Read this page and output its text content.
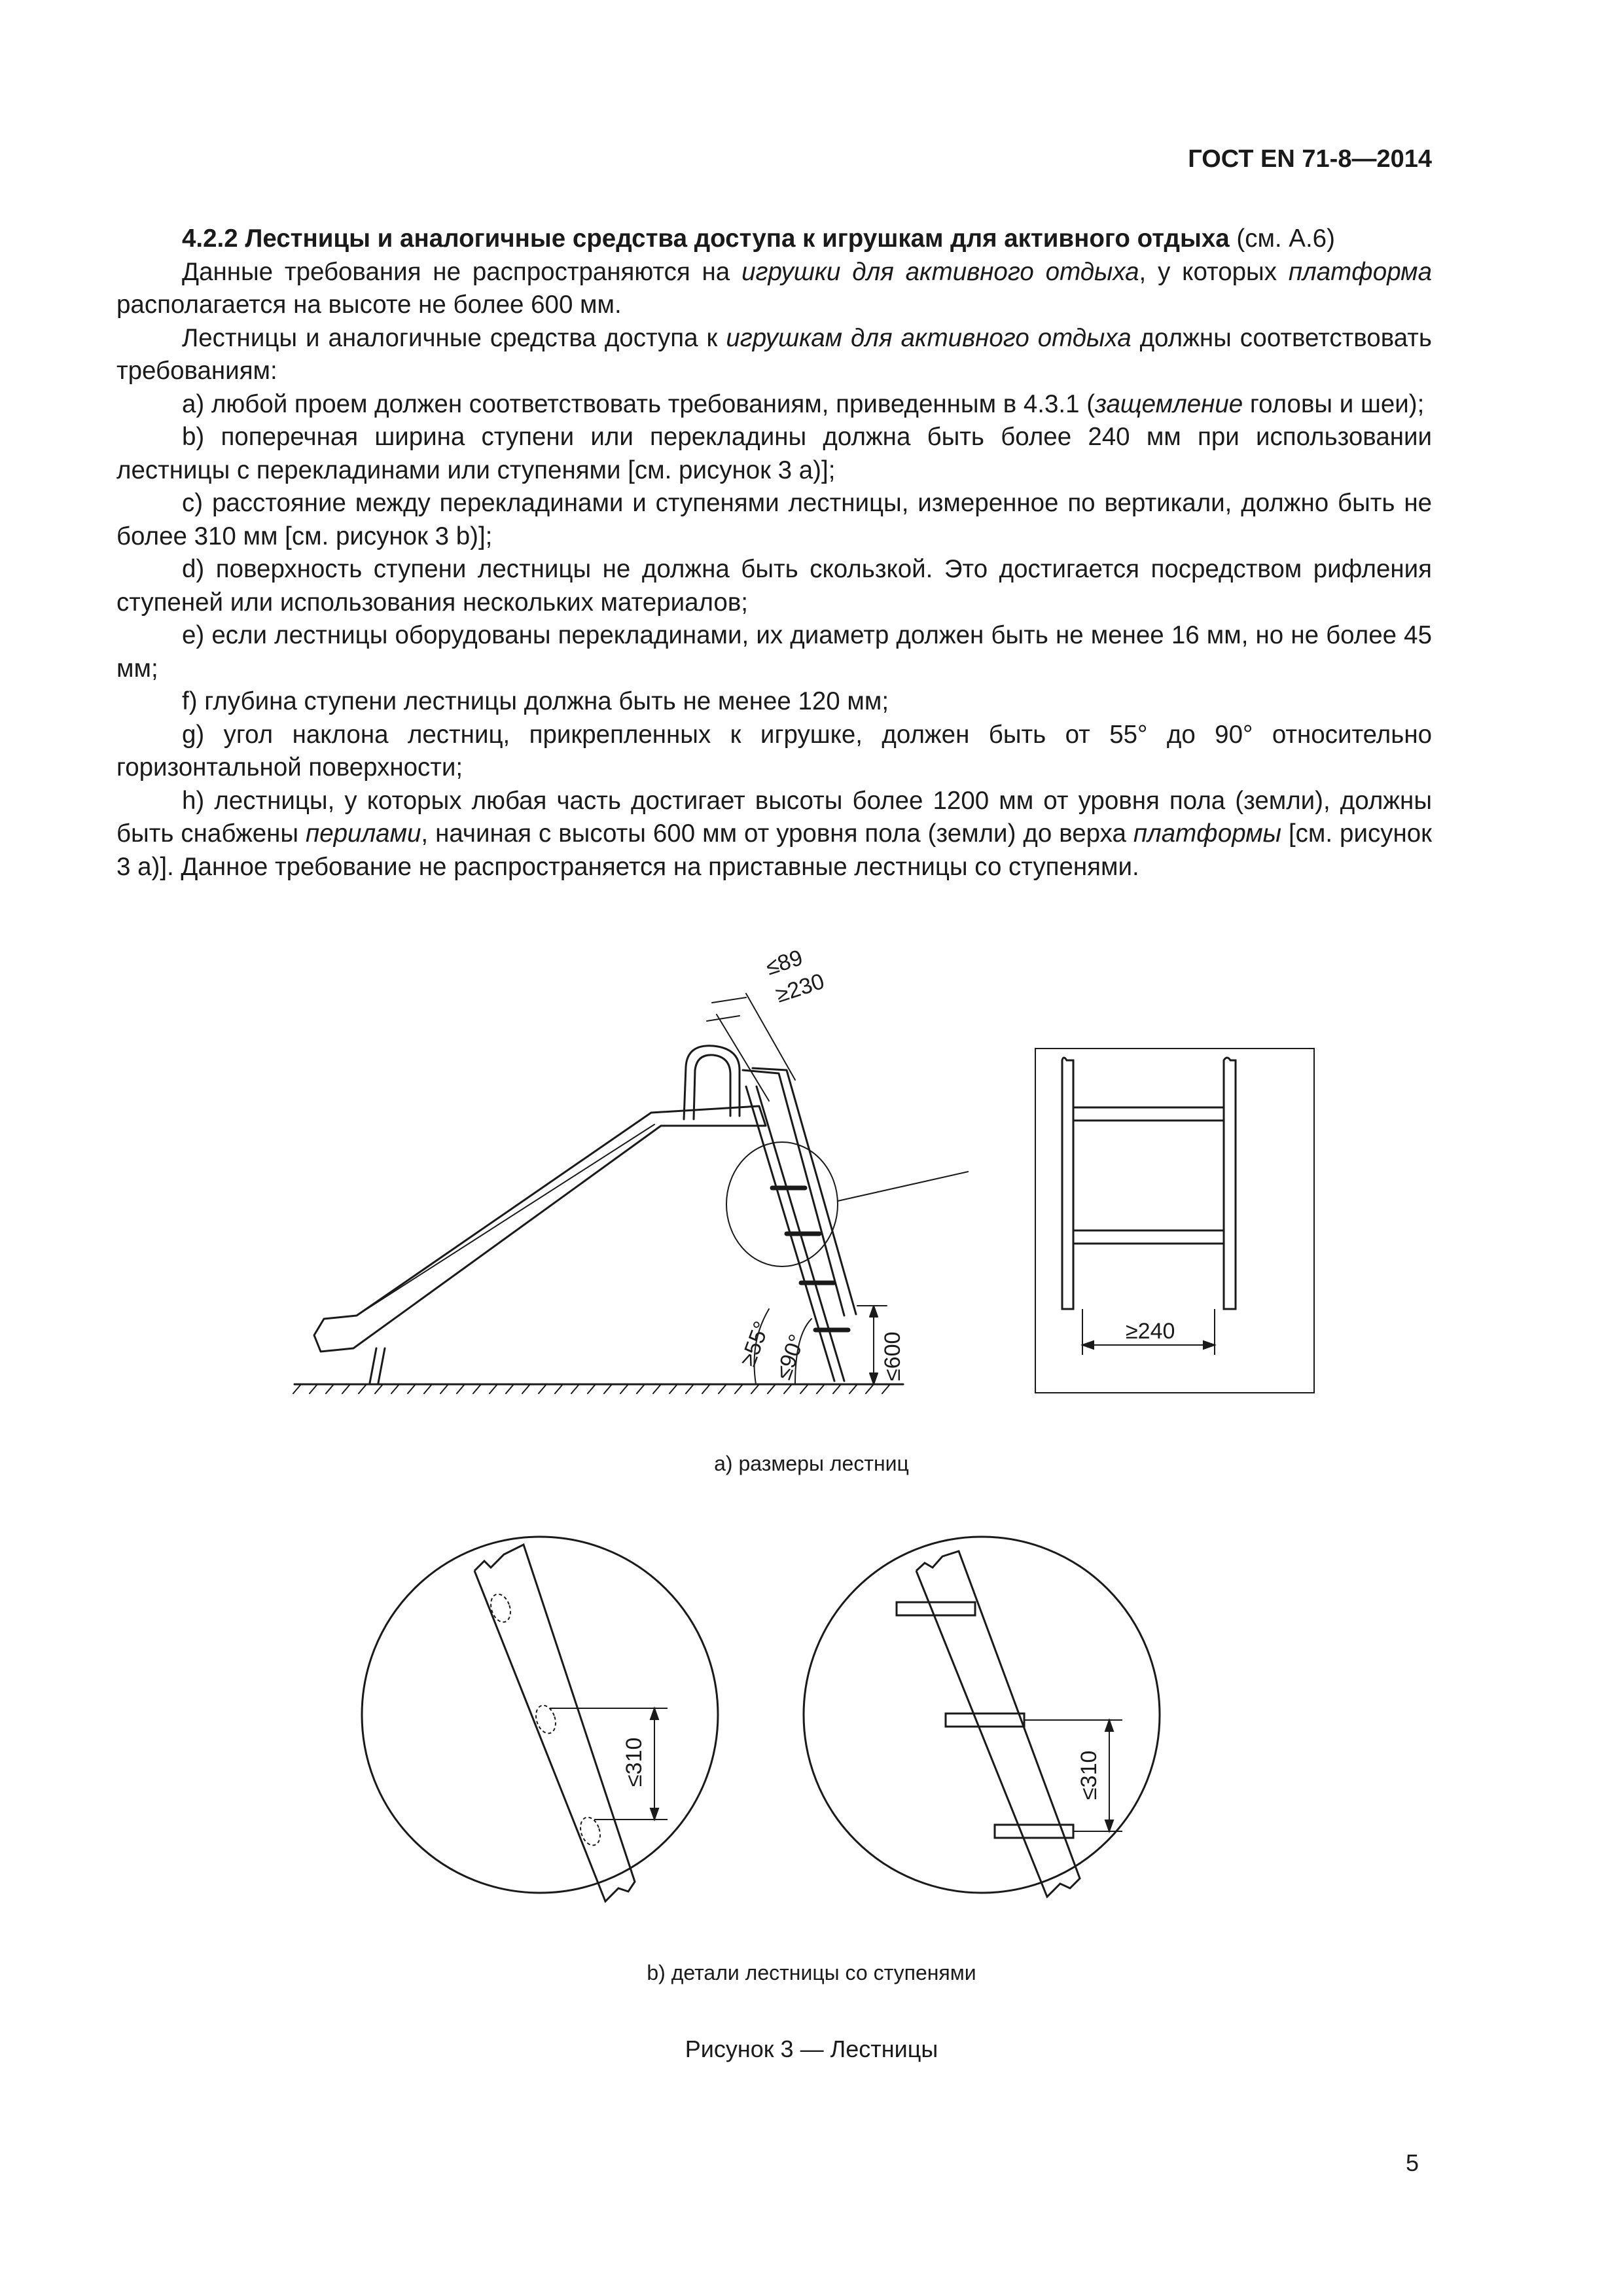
ГОСТ EN 71-8—2014

4.2.2 Лестницы и аналогичные средства доступа к игрушкам для активного отдыха (см. А.6)

Данные требования не распространяются на игрушки для активного отдыха, у которых платформа располагается на высоте не более 600 мм.

Лестницы и аналогичные средства доступа к игрушкам для активного отдыха должны соответствовать требованиям:

a) любой проем должен соответствовать требованиям, приведенным в 4.3.1 (защемление головы и шеи);

b) поперечная ширина ступени или перекладины должна быть более 240 мм при использовании лестницы с перекладинами или ступенями [см. рисунок 3 а)];

c) расстояние между перекладинами и ступенями лестницы, измеренное по вертикали, должно быть не более 310 мм [см. рисунок 3 b)];

d) поверхность ступени лестницы не должна быть скользкой. Это достигается посредством рифления ступеней или использования нескольких материалов;

e) если лестницы оборудованы перекладинами, их диаметр должен быть не менее 16 мм, но не более 45 мм;

f) глубина ступени лестницы должна быть не менее 120 мм;

g) угол наклона лестниц, прикрепленных к игрушке, должен быть от 55° до 90° относительно горизонтальной поверхности;

h) лестницы, у которых любая часть достигает высоты более 1200 мм от уровня пола (земли), должны быть снабжены перилами, начиная с высоты 600 мм от уровня пола (земли) до верха платформы [см. рисунок 3 а)]. Данное требование не распространяется на приставные лестницы со ступенями.

≤89
≥230
≥55°
≤90°	≤600
≥240
a) размеры лестниц
≤310	≤310
b) детали лестницы со ступенями
Рисунок 3 — Лестницы
5
